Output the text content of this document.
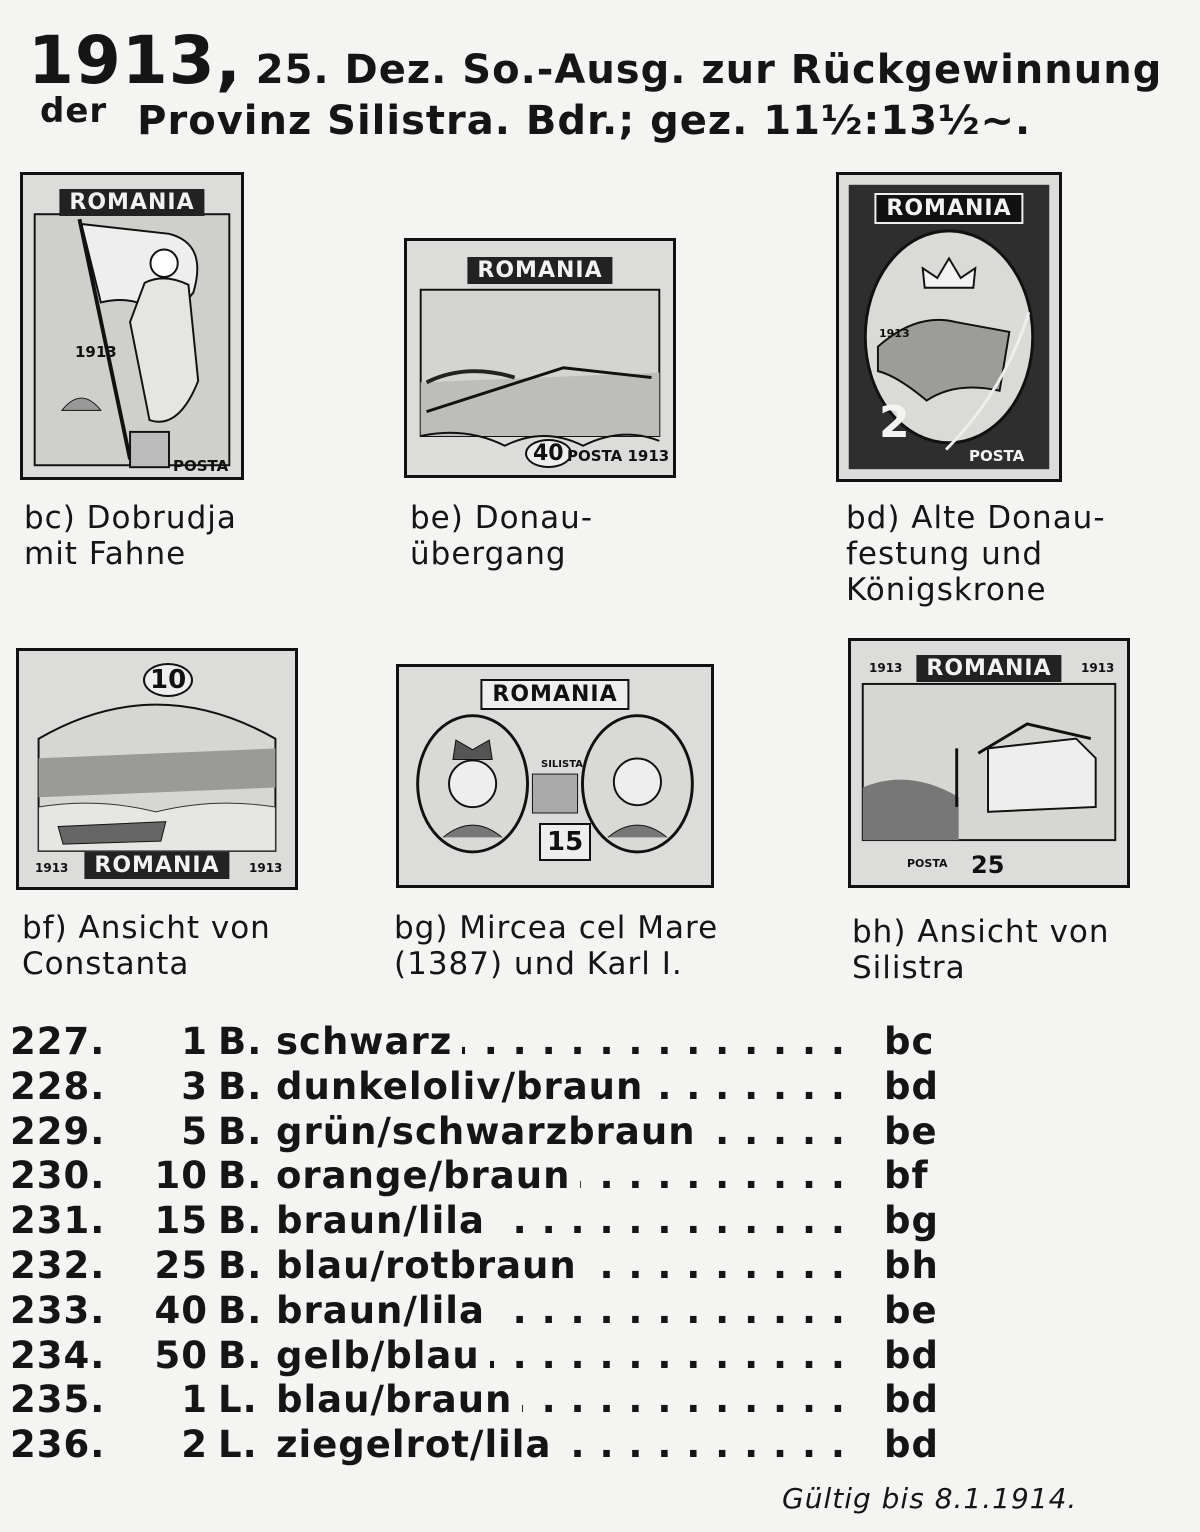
1913, 25. Dez. So.-Ausg. zur Rückgewinnung
$^{der}$ Provinz Silistra. Bdr.; gez. 11½:13½~.
ROMANIA
1913
POSTA
bc) Dobrudja
mit Fahne
ROMANIA
40 POSTA 1913
be) Donau-
übergang
ROMANIA
2
1913
POSTA
bd) Alte Donau-
festung und
Königskrone
10
ROMANIA
1913	1913
bf) Ansicht von
Constanta
ROMANIA
SILISTA
15
bg) Mircea cel Mare
(1387) und Karl I.
ROMANIA
1913	1913
25
POSTA
bh) Ansicht von
Silistra
. . .
227.	1 B. schwarz	bc
. . .
228.	3 B. dunkeloliv/braun	bd
. . .
229.	5 B. grün/schwarzbraun	be
. . .
230.	10 B. orange/braun	bf
. . .
231.	15 B. braun/lila	bg
. . .
232.	25 B. blau/rotbraun	bh
. . .
233.	40 B. braun/lila	be
. . .
234.	50 B. gelb/blau	bd
. . .
235.	1 L. blau/braun	bd
. . .
236.	2 L. ziegelrot/lila	bd
Gültig bis 8.1.1914.
